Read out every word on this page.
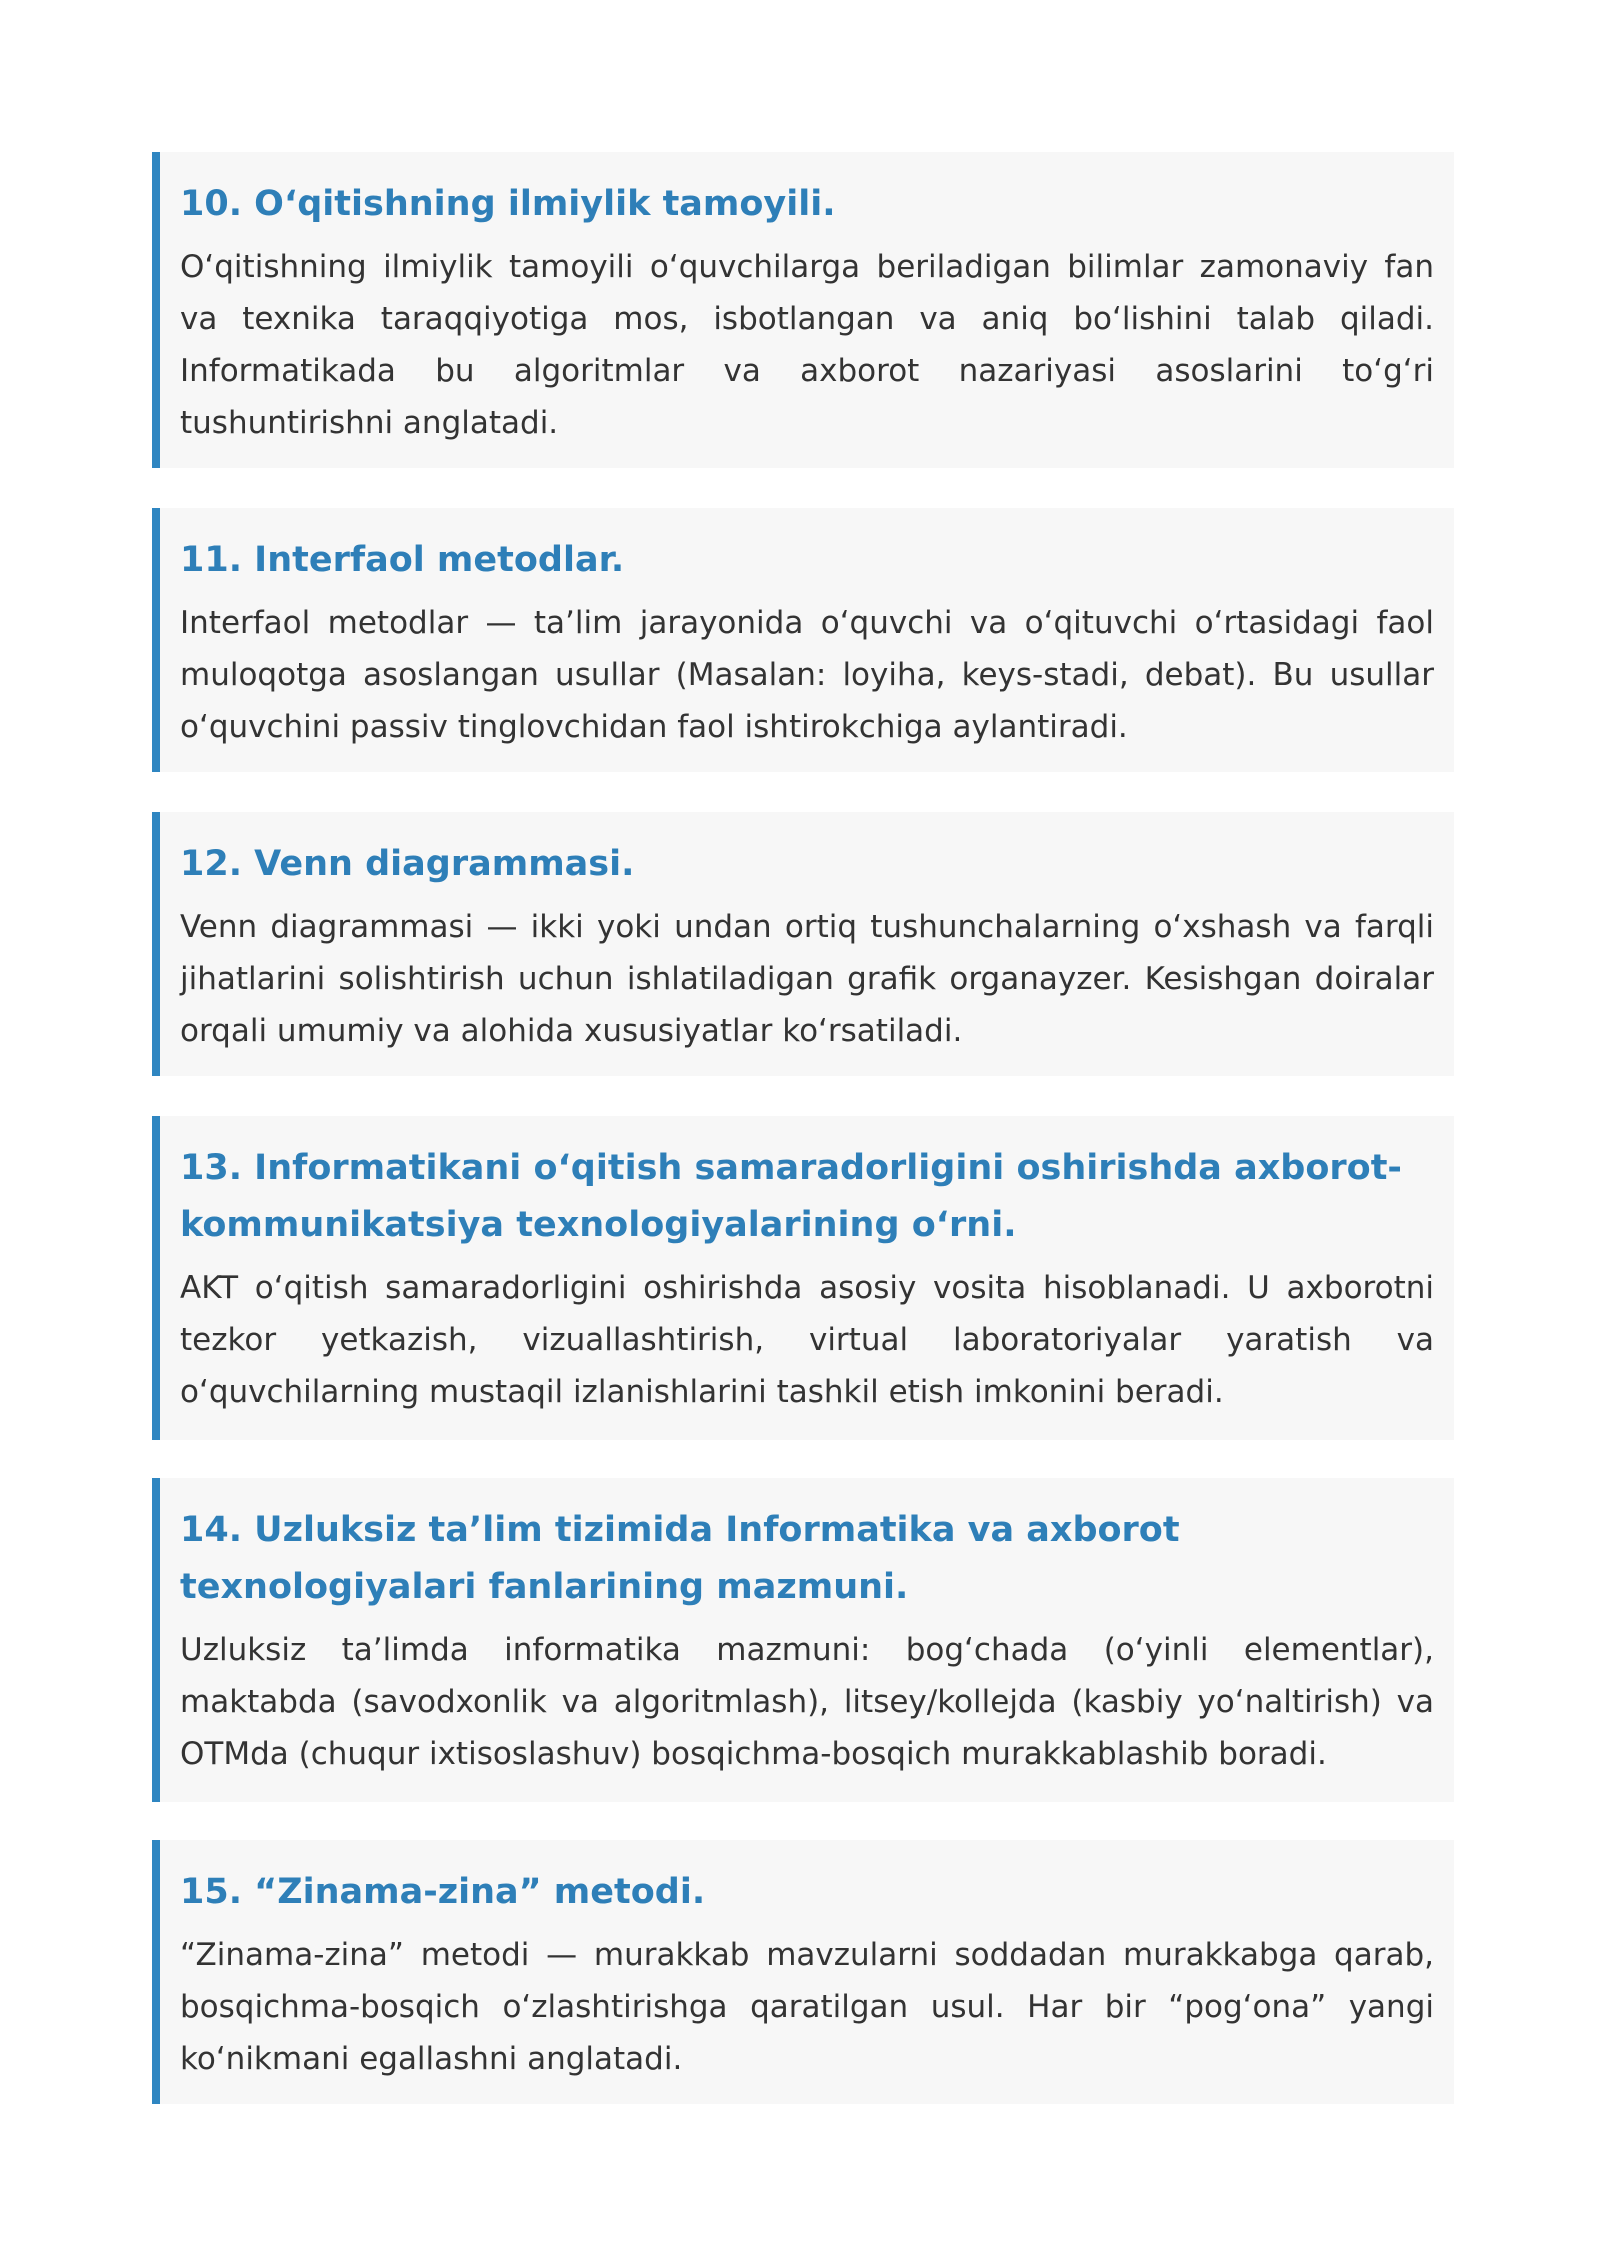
10. O‘qitishning ilmiylik tamoyili.

O‘qitishning ilmiylik tamoyili o‘quvchilarga beriladigan bilimlar zamonaviy fan va texnika taraqqiyotiga mos, isbotlangan va aniq bo‘lishini talab qiladi. Informatikada bu algoritmlar va axborot nazariyasi asoslarini to‘g‘ri tushuntirishni anglatadi.

11. Interfaol metodlar.

Interfaol metodlar — ta’lim jarayonida o‘quvchi va o‘qituvchi o‘rtasidagi faol muloqotga asoslangan usullar (Masalan: loyiha, keys-stadi, debat). Bu usullar o‘quvchini passiv tinglovchidan faol ishtirokchiga aylantiradi.

12. Venn diagrammasi.

Venn diagrammasi — ikki yoki undan ortiq tushunchalarning o‘xshash va farqli jihatlarini solishtirish uchun ishlatiladigan grafik organayzer. Kesishgan doiralar orqali umumiy va alohida xususiyatlar ko‘rsatiladi.

13. Informatikani o‘qitish samaradorligini oshirishda axborot-kommunikatsiya texnologiyalarining o‘rni.

AKT o‘qitish samaradorligini oshirishda asosiy vosita hisoblanadi. U axborotni tezkor yetkazish, vizuallashtirish, virtual laboratoriyalar yaratish va o‘quvchilarning mustaqil izlanishlarini tashkil etish imkonini beradi.

14. Uzluksiz ta’lim tizimida Informatika va axborot texnologiyalari fanlarining mazmuni.

Uzluksiz ta’limda informatika mazmuni: bog‘chada (o‘yinli elementlar), maktabda (savodxonlik va algoritmlash), litsey/kollejda (kasbiy yo‘naltirish) va OTMda (chuqur ixtisoslashuv) bosqichma-bosqich murakkablashib boradi.

15. “Zinama-zina” metodi.

“Zinama-zina” metodi — murakkab mavzularni soddadan murakkabga qarab, bosqichma-bosqich o‘zlashtirishga qaratilgan usul. Har bir “pog‘ona” yangi ko‘nikmani egallashni anglatadi.
